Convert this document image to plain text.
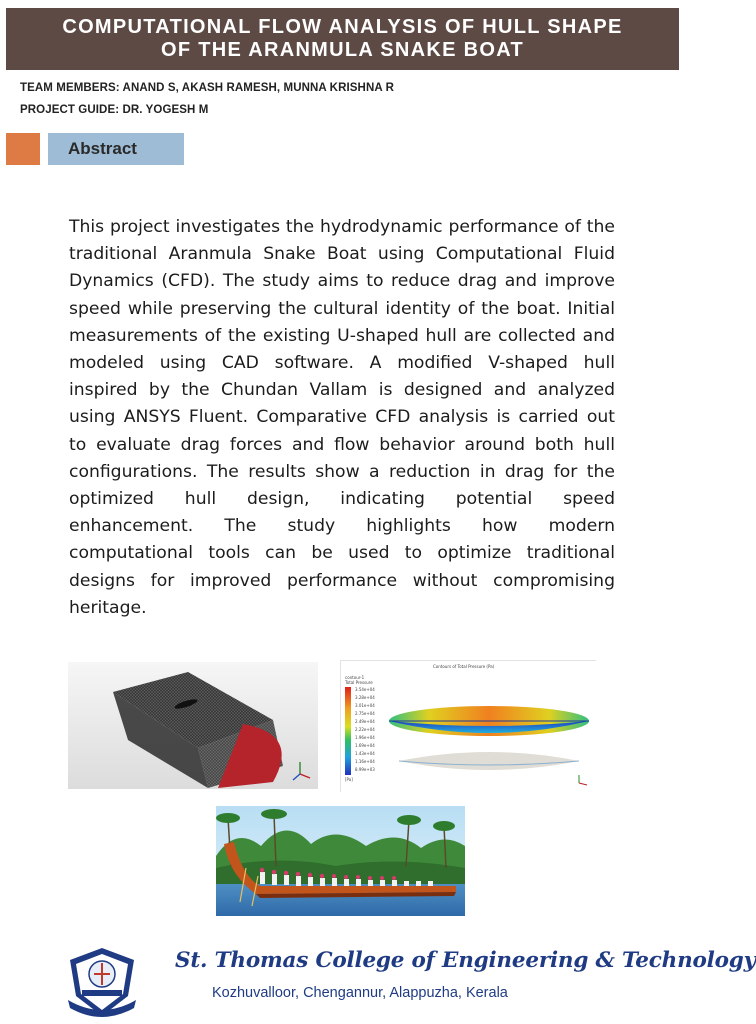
COMPUTATIONAL FLOW ANALYSIS OF HULL SHAPE
OF THE ARANMULA SNAKE BOAT
TEAM MEMBERS: ANAND S, AKASH RAMESH, MUNNA KRISHNA R
PROJECT GUIDE: DR. YOGESH M
Abstract

This project investigates the hydrodynamic performance of the traditional Aranmula Snake Boat using Computational Fluid Dynamics (CFD). The study aims to reduce drag and improve speed while preserving the cultural identity of the boat. Initial measurements of the existing U-shaped hull are collected and modeled using CAD software. A modified V-shaped hull inspired by the Chundan Vallam is designed and analyzed using ANSYS Fluent. Comparative CFD analysis is carried out to evaluate drag forces and flow behavior around both hull configurations. The results show a reduction in drag for the optimized hull design, indicating potential speed enhancement. The study highlights how modern computational tools can be used to optimize traditional designs for improved performance without compromising heritage.

Contours of Total Pressure (Pa)
contour-1
Total Pressure
3.54e+04
3.28e+04
3.01e+04
2.75e+04
2.49e+04
2.22e+04
1.96e+04
1.69e+04
1.43e+04
1.16e+04
8.99e+03
[Pa]
St. Thomas College of Engineering & Technology
Kozhuvalloor, Chengannur, Alappuzha, Kerala
